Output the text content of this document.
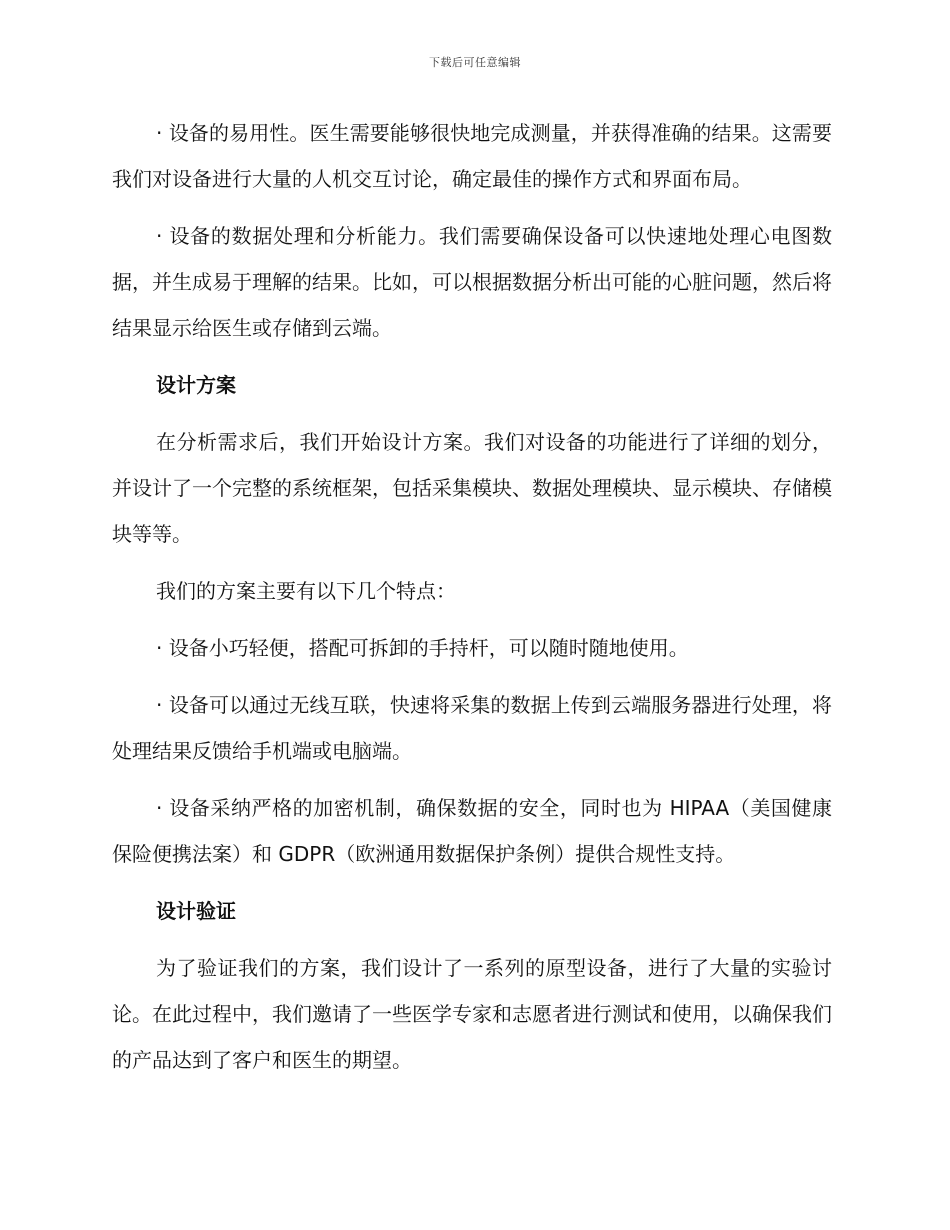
下载后可任意编辑

· 设备的易用性。医生需要能够很快地完成测量，并获得准确的结果。这需要我们对设备进行大量的人机交互讨论，确定最佳的操作方式和界面布局。

· 设备的数据处理和分析能力。我们需要确保设备可以快速地处理心电图数据，并生成易于理解的结果。比如，可以根据数据分析出可能的心脏问题，然后将结果显示给医生或存储到云端。

设计方案

在分析需求后，我们开始设计方案。我们对设备的功能进行了详细的划分，并设计了一个完整的系统框架，包括采集模块、数据处理模块、显示模块、存储模块等等。

我们的方案主要有以下几个特点：

· 设备小巧轻便，搭配可拆卸的手持杆，可以随时随地使用。

· 设备可以通过无线互联，快速将采集的数据上传到云端服务器进行处理，将处理结果反馈给手机端或电脑端。

· 设备采纳严格的加密机制，确保数据的安全，同时也为 HIPAA（美国健康保险便携法案）和 GDPR（欧洲通用数据保护条例）提供合规性支持。

设计验证

为了验证我们的方案，我们设计了一系列的原型设备，进行了大量的实验讨论。在此过程中，我们邀请了一些医学专家和志愿者进行测试和使用，以确保我们的产品达到了客户和医生的期望。
